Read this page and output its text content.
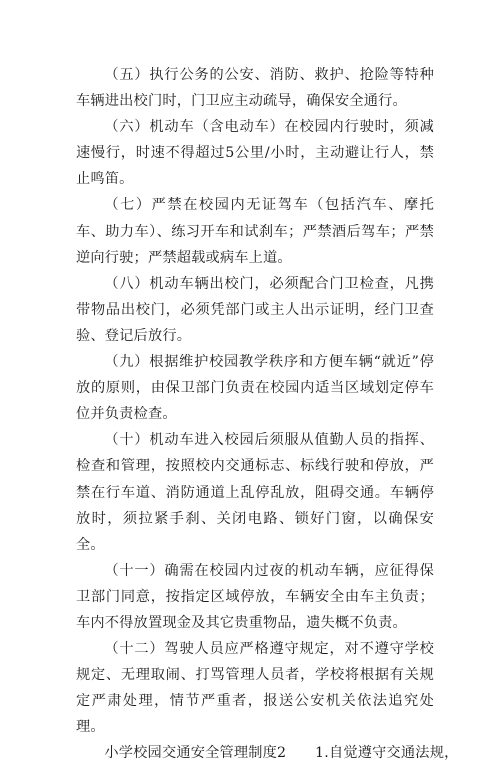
（五）执行公务的公安、消防、救护、抢险等特种车辆进出校门时，门卫应主动疏导，确保安全通行。

（六）机动车（含电动车）在校园内行驶时，须减速慢行，时速不得超过5公里/小时，主动避让行人，禁止鸣笛。

（七）严禁在校园内无证驾车（包括汽车、摩托车、助力车）、练习开车和试刹车；严禁酒后驾车；严禁逆向行驶；严禁超载或病车上道。

（八）机动车辆出校门，必须配合门卫检查，凡携带物品出校门，必须凭部门或主人出示证明，经门卫查验、登记后放行。

（九）根据维护校园教学秩序和方便车辆“就近”停放的原则，由保卫部门负责在校园内适当区域划定停车位并负责检查。

（十）机动车进入校园后须服从值勤人员的指挥、检查和管理，按照校内交通标志、标线行驶和停放，严禁在行车道、消防通道上乱停乱放，阻碍交通。车辆停放时，须拉紧手刹、关闭电路、锁好门窗，以确保安全。

（十一）确需在校园内过夜的机动车辆，应征得保卫部门同意，按指定区域停放，车辆安全由车主负责；车内不得放置现金及其它贵重物品，遗失概不负责。

（十二）驾驶人员应严格遵守规定，对不遵守学校规定、无理取闹、打骂管理人员者，学校将根据有关规定严肃处理，情节严重者，报送公安机关依法追究处理。

小学校园交通安全管理制度2　　1.自觉遵守交通法规，
